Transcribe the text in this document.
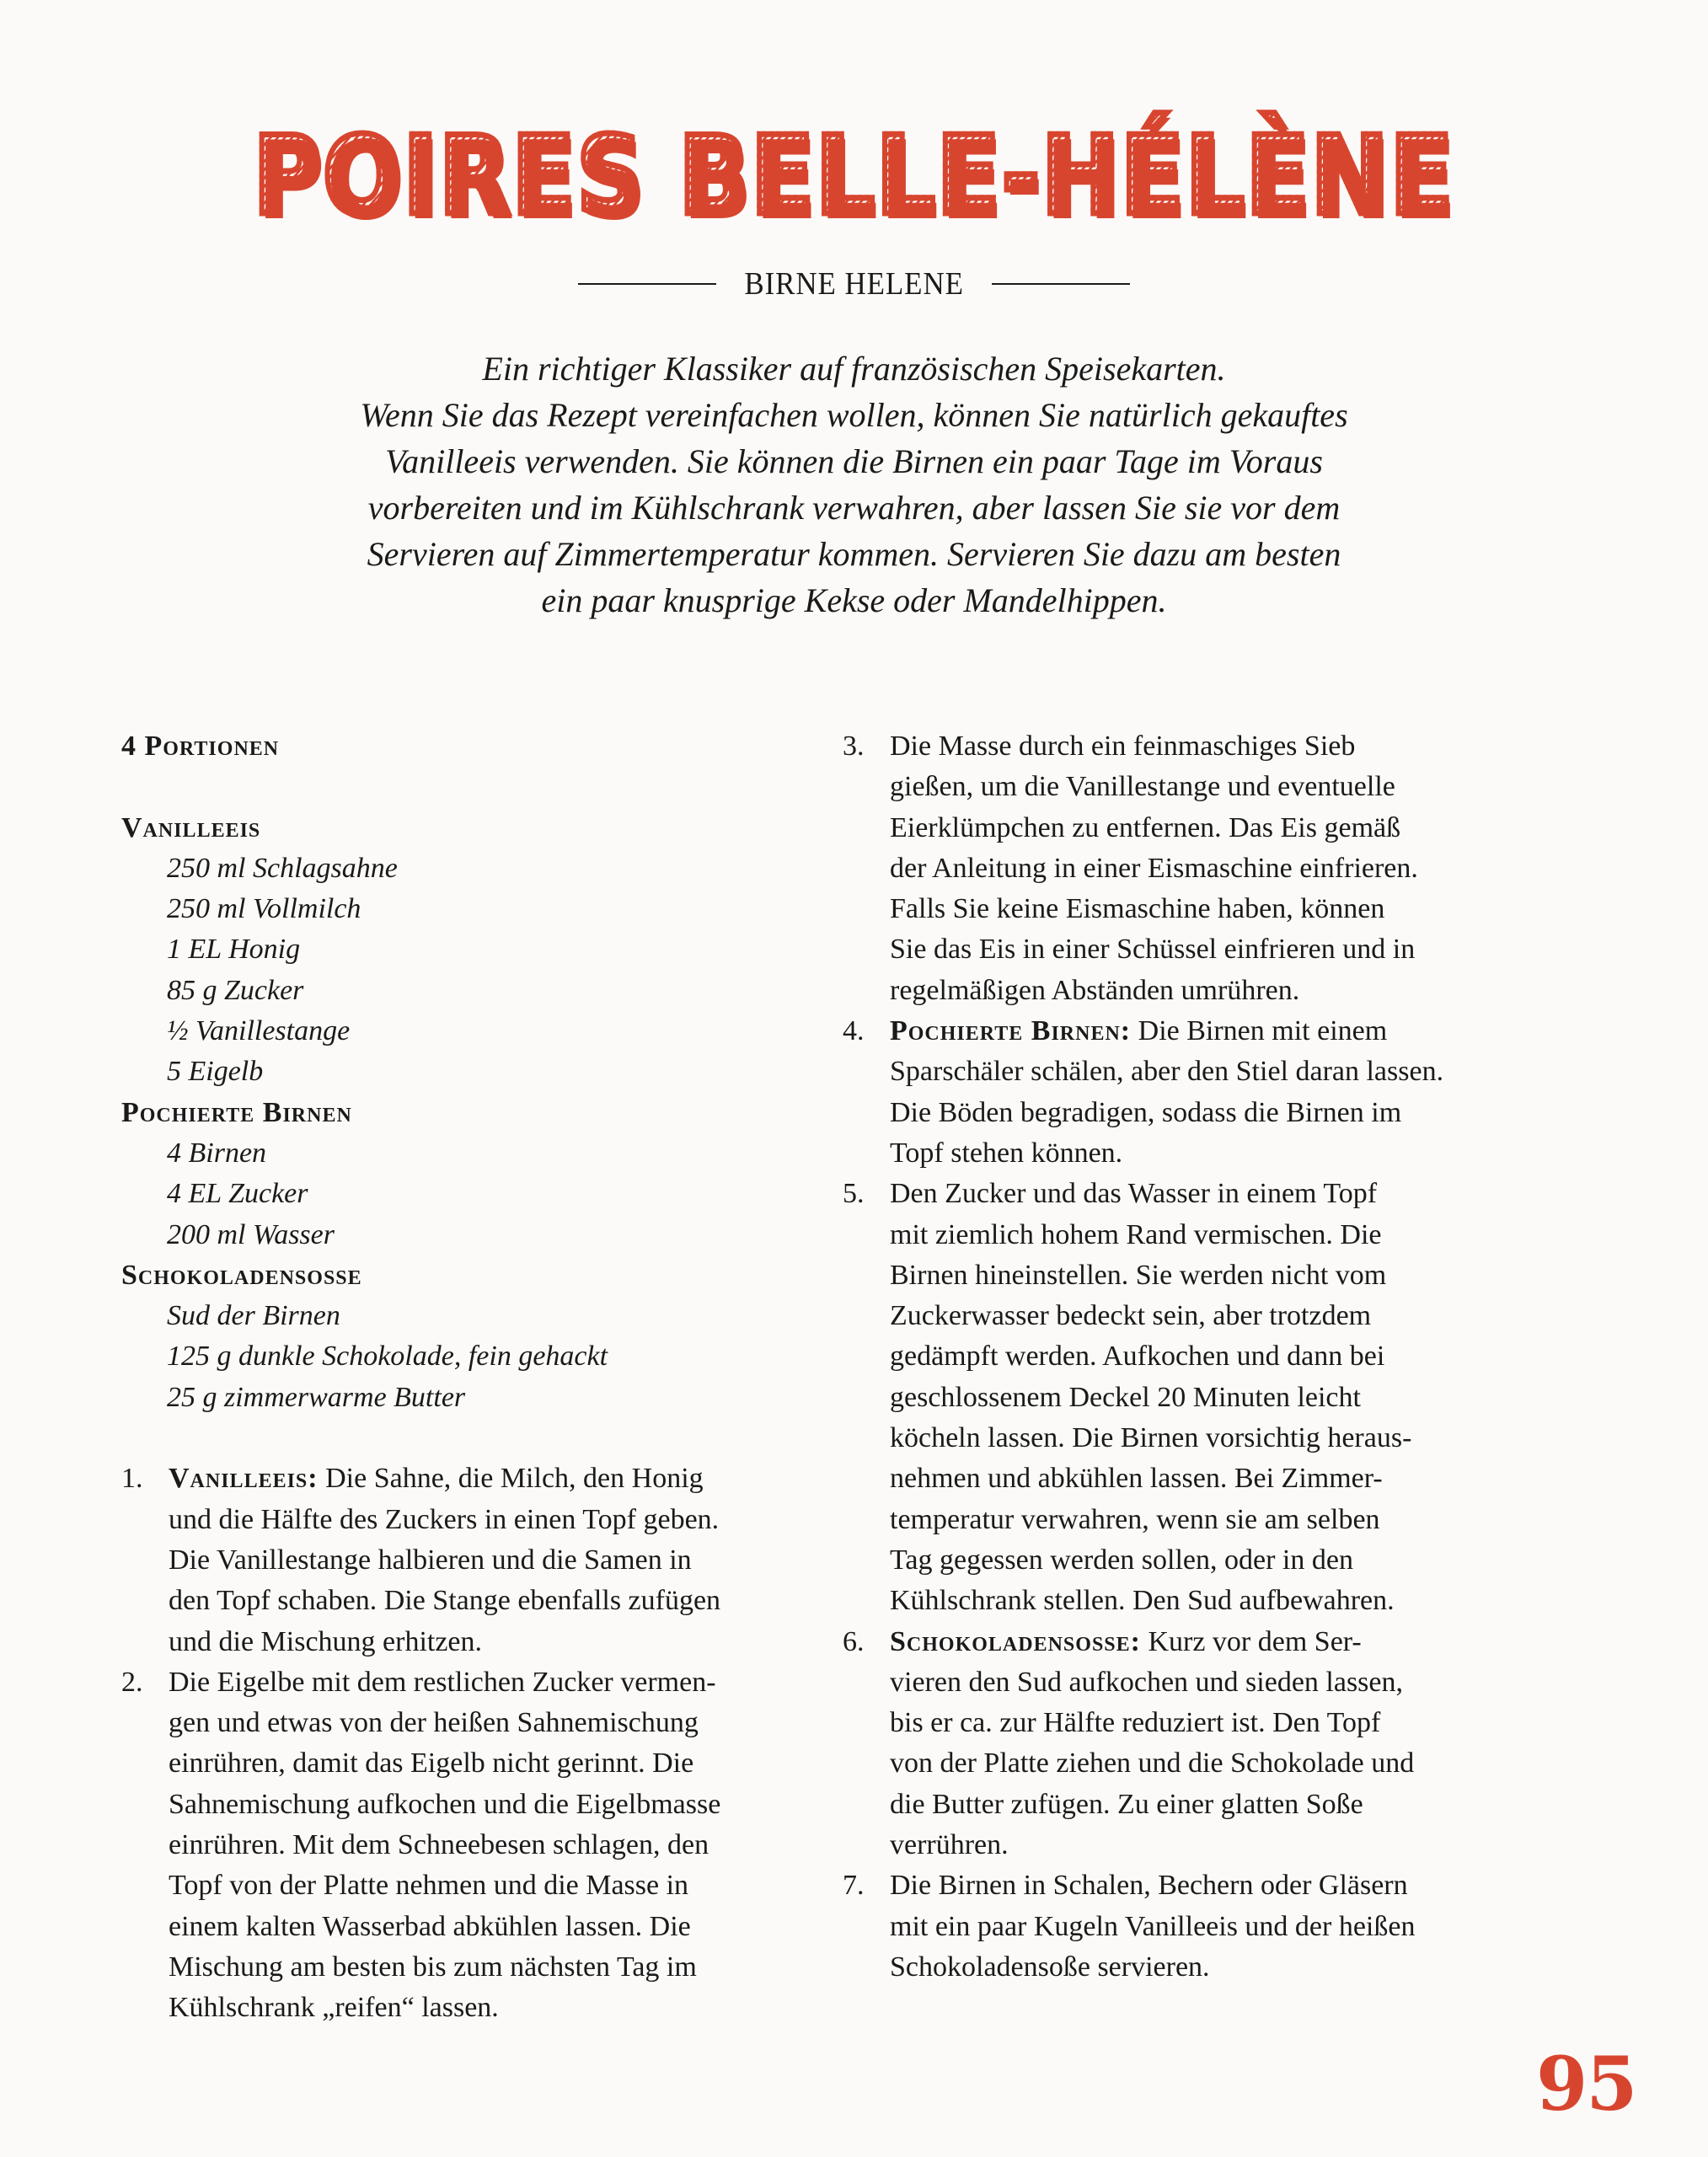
POIRES BELLE-HÉLÈNE
BIRNE HELENE
Ein richtiger Klassiker auf französischen Speisekarten.
Wenn Sie das Rezept vereinfachen wollen, können Sie natürlich gekauftes
Vanilleeis verwenden. Sie können die Birnen ein paar Tage im Voraus
vorbereiten und im Kühlschrank verwahren, aber lassen Sie sie vor dem
Servieren auf Zimmertemperatur kommen. Servieren Sie dazu am besten
ein paar knusprige Kekse oder Mandelhippen.
4 Portionen
Vanilleeis
250 ml Schlagsahne
250 ml Vollmilch
1 EL Honig
85 g Zucker
½ Vanillestange
5 Eigelb
Pochierte Birnen
4 Birnen
4 EL Zucker
200 ml Wasser
Schokoladensosse
Sud der Birnen
125 g dunkle Schokolade, fein gehackt
25 g zimmerwarme Butter
1. Vanilleeis: Die Sahne, die Milch, den Honig
und die Hälfte des Zuckers in einen Topf geben.
Die Vanillestange halbieren und die Samen in
den Topf schaben. Die Stange ebenfalls zufügen
und die Mischung erhitzen.
2. Die Eigelbe mit dem restlichen Zucker vermen-
gen und etwas von der heißen Sahnemischung
einrühren, damit das Eigelb nicht gerinnt. Die
Sahnemischung aufkochen und die Eigelbmasse
einrühren. Mit dem Schneebesen schlagen, den
Topf von der Platte nehmen und die Masse in
einem kalten Wasserbad abkühlen lassen. Die
Mischung am besten bis zum nächsten Tag im
Kühlschrank „reifen“ lassen.
3. Die Masse durch ein feinmaschiges Sieb
gießen, um die Vanillestange und eventuelle
Eierklümpchen zu entfernen. Das Eis gemäß
der Anleitung in einer Eismaschine einfrieren.
Falls Sie keine Eismaschine haben, können
Sie das Eis in einer Schüssel einfrieren und in
regelmäßigen Abständen umrühren.
4. Pochierte Birnen: Die Birnen mit einem
Sparschäler schälen, aber den Stiel daran lassen.
Die Böden begradigen, sodass die Birnen im
Topf stehen können.
5. Den Zucker und das Wasser in einem Topf
mit ziemlich hohem Rand vermischen. Die
Birnen hineinstellen. Sie werden nicht vom
Zuckerwasser bedeckt sein, aber trotzdem
gedämpft werden. Aufkochen und dann bei
geschlossenem Deckel 20 Minuten leicht
köcheln lassen. Die Birnen vorsichtig heraus-
nehmen und abkühlen lassen. Bei Zimmer-
temperatur verwahren, wenn sie am selben
Tag gegessen werden sollen, oder in den
Kühlschrank stellen. Den Sud aufbewahren.
6. Schokoladensosse: Kurz vor dem Ser-
vieren den Sud aufkochen und sieden lassen,
bis er ca. zur Hälfte reduziert ist. Den Topf
von der Platte ziehen und die Schokolade und
die Butter zufügen. Zu einer glatten Soße
verrühren.
7. Die Birnen in Schalen, Bechern oder Gläsern
mit ein paar Kugeln Vanilleeis und der heißen
Schokoladensoße servieren.
95
